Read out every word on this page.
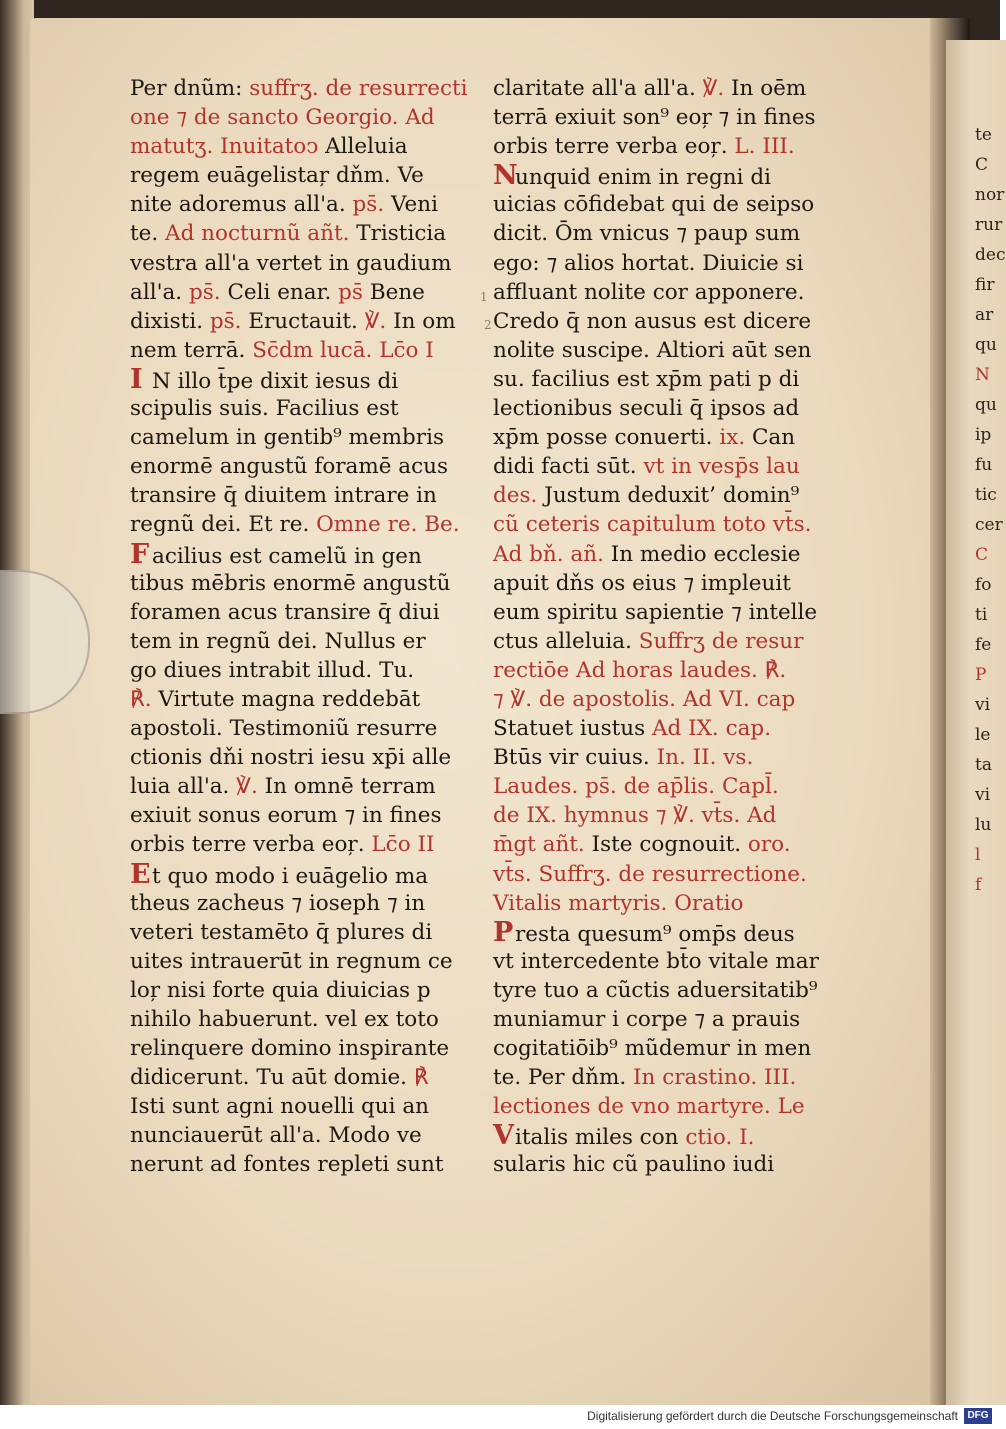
Per dnũm: suffrʒ. de resurrecti
one ⁊ de sancto Georgio. Ad
matutʒ. Inuitatoↄ Alleluia
regem euāgelistaŗ dňm. Ve
nite adoremus all'a. ps̄. Veni
te. Ad nocturnũ añt. Tristicia
vestra all'a vertet in gaudium
all'a. ps̄. Celi enar. ps̄ Bene
dixisti. ps̄. Eructauit. ℣. In om
nem terrā. Sc̄dm lucā. Lc̄o I
I N illo t̄pe dixit iesus di
scipulis suis. Facilius est
camelum in gentib⁹ membris
enormē angustũ foramē acus
transire q̄ diuitem intrare in
regnũ dei. Et re. Omne re. Be.
F acilius est camelũ in gen
tibus mēbris enormē angustũ
foramen acus transire q̄ diui
tem in regnũ dei. Nullus er
go diues intrabit illud. Tu.
℟. Virtute magna reddebāt
apostoli. Testimoniũ resurre
ctionis dňi nostri iesu xp̄i alle
luia all'a. ℣. In omnē terram
exiuit sonus eorum ⁊ in fines
orbis terre verba eoŗ. Lc̄o II
Et quo modo i euāgelio ma
theus zacheus ⁊ ioseph ⁊ in
veteri testamēto q̄ plures di
uites intrauerūt in regnum ce
loŗ nisi forte quia diuicias p
nihilo habuerunt. vel ex toto
relinquere domino inspirante
didicerunt. Tu aūt domie. ℟
Isti sunt agni nouelli qui an
nunciauerūt all'a. Modo ve
nerunt ad fontes repleti sunt
claritate all'a all'a. ℣. In oēm
terrā exiuit son⁹ eoŗ ⁊ in fines
orbis terre verba eoŗ. L. III.
Nunquid enim in regni di
uicias cōfidebat qui de seipso
dicit. Ōm vnicus ⁊ paup sum
ego: ⁊ alios hortat. Diuicie si
affluant nolite cor apponere.
Credo q̄ non ausus est dicere
nolite suscipe. Altiori aūt sen
su. facilius est xp̄m pati p di
lectionibus seculi q̄ ipsos ad
xp̄m posse conuerti. ix. Can
didi facti sūt. vt in vesp̄s lau
des. Justum deduxit’ domin⁹
cũ ceteris capitulum toto vt̄s.
Ad bň. añ. In medio ecclesie
apuit dňs os eius ⁊ impleuit
eum spiritu sapientie ⁊ intelle
ctus alleluia. Suffrʒ de resur
rectiōe Ad horas laudes. ℟.
⁊ ℣. de apostolis. Ad VI. cap
Statuet iustus Ad IX. cap.
Btūs vir cuius. In. II. vs.
Laudes. ps̄. de ap̄lis. Capl̄.
de IX. hymnus ⁊ ℣. vt̄s. Ad
m̄gt añt. Iste cognouit. oro.
vt̄s. Suffrʒ. de resurrectione.
Vitalis martyris. Oratio
Presta quesum⁹ omp̄s deus
vt intercedente bt̄o vitale mar
tyre tuo a cũctis aduersitatib⁹
muniamur i corpe ⁊ a prauis
cogitatiōib⁹ mũdemur in men
te. Per dňm. In crastino. III.
lectiones de vno martyre. Le
Vitalis miles con ctio. I.
sularis hic cũ paulino iudi
1
2
te
C
nor
rur
dec
fir
ar
qu
N
qu
ip
fu
tic
cer
C
fo
ti
fe
P
vi
le
ta
vi
lu
l
f
Digitalisierung gefördert durch die Deutsche Forschungsgemeinschaft DFG
